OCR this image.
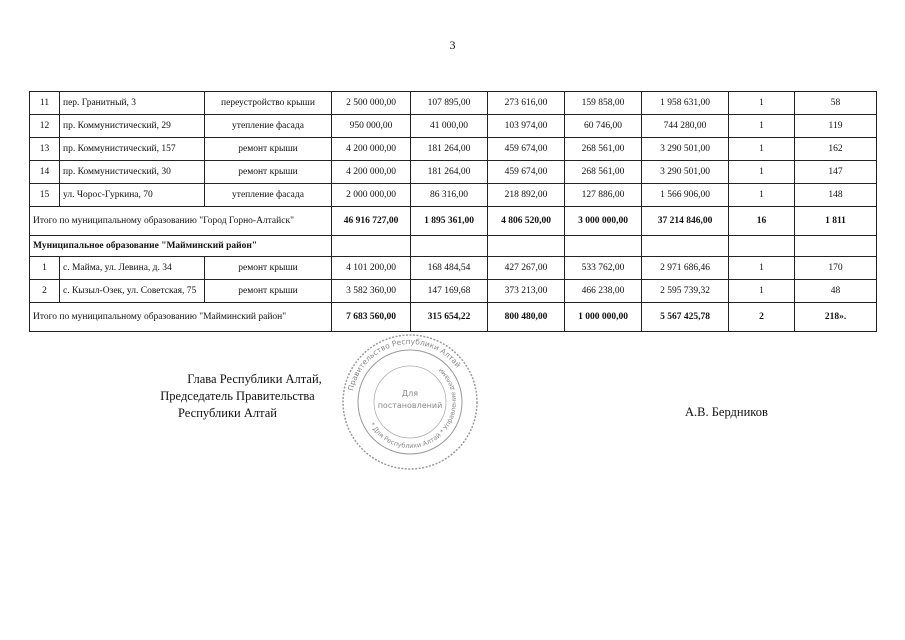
3
11	пер. Гранитный, 3	переустройство крыши	2 500 000,00	107 895,00	273 616,00	159 858,00	1 958 631,00	1	58
12	пр. Коммунистический, 29	утепление фасада	950 000,00	41 000,00	103 974,00	60 746,00	744 280,00	1	119
13	пр. Коммунистический, 157	ремонт крыши	4 200 000,00	181 264,00	459 674,00	268 561,00	3 290 501,00	1	162
14	пр. Коммунистический, 30	ремонт крыши	4 200 000,00	181 264,00	459 674,00	268 561,00	3 290 501,00	1	147
15	ул. Чорос-Гуркина, 70	утепление фасада	2 000 000,00	86 316,00	218 892,00	127 886,00	1 566 906,00	1	148
Итого по муниципальному образованию "Город Горно-Алтайск"			46 916 727,00	1 895 361,00	4 806 520,00	3 000 000,00	37 214 846,00	16	1 811
Муниципальное образование "Майминский район"									
1	с. Майма, ул. Левина, д. 34	ремонт крыши	4 101 200,00	168 484,54	427 267,00	533 762,00	2 971 686,46	1	170
2	с. Кызыл-Озек, ул. Советская, 75	ремонт крыши	3 582 360,00	147 169,68	373 213,00	466 238,00	2 595 739,32	1	48
Итого по муниципальному образованию "Майминский район"			7 683 560,00	315 654,22	800 480,00	1 000 000,00	5 567 425,78	2	218».
Глава Республики Алтай,
Председатель Правительства
Республики Алтай	А.В. Бердников
Правительство Республики Алтай
* Для Республики Алтай * Управление делами
Для
постановлений
